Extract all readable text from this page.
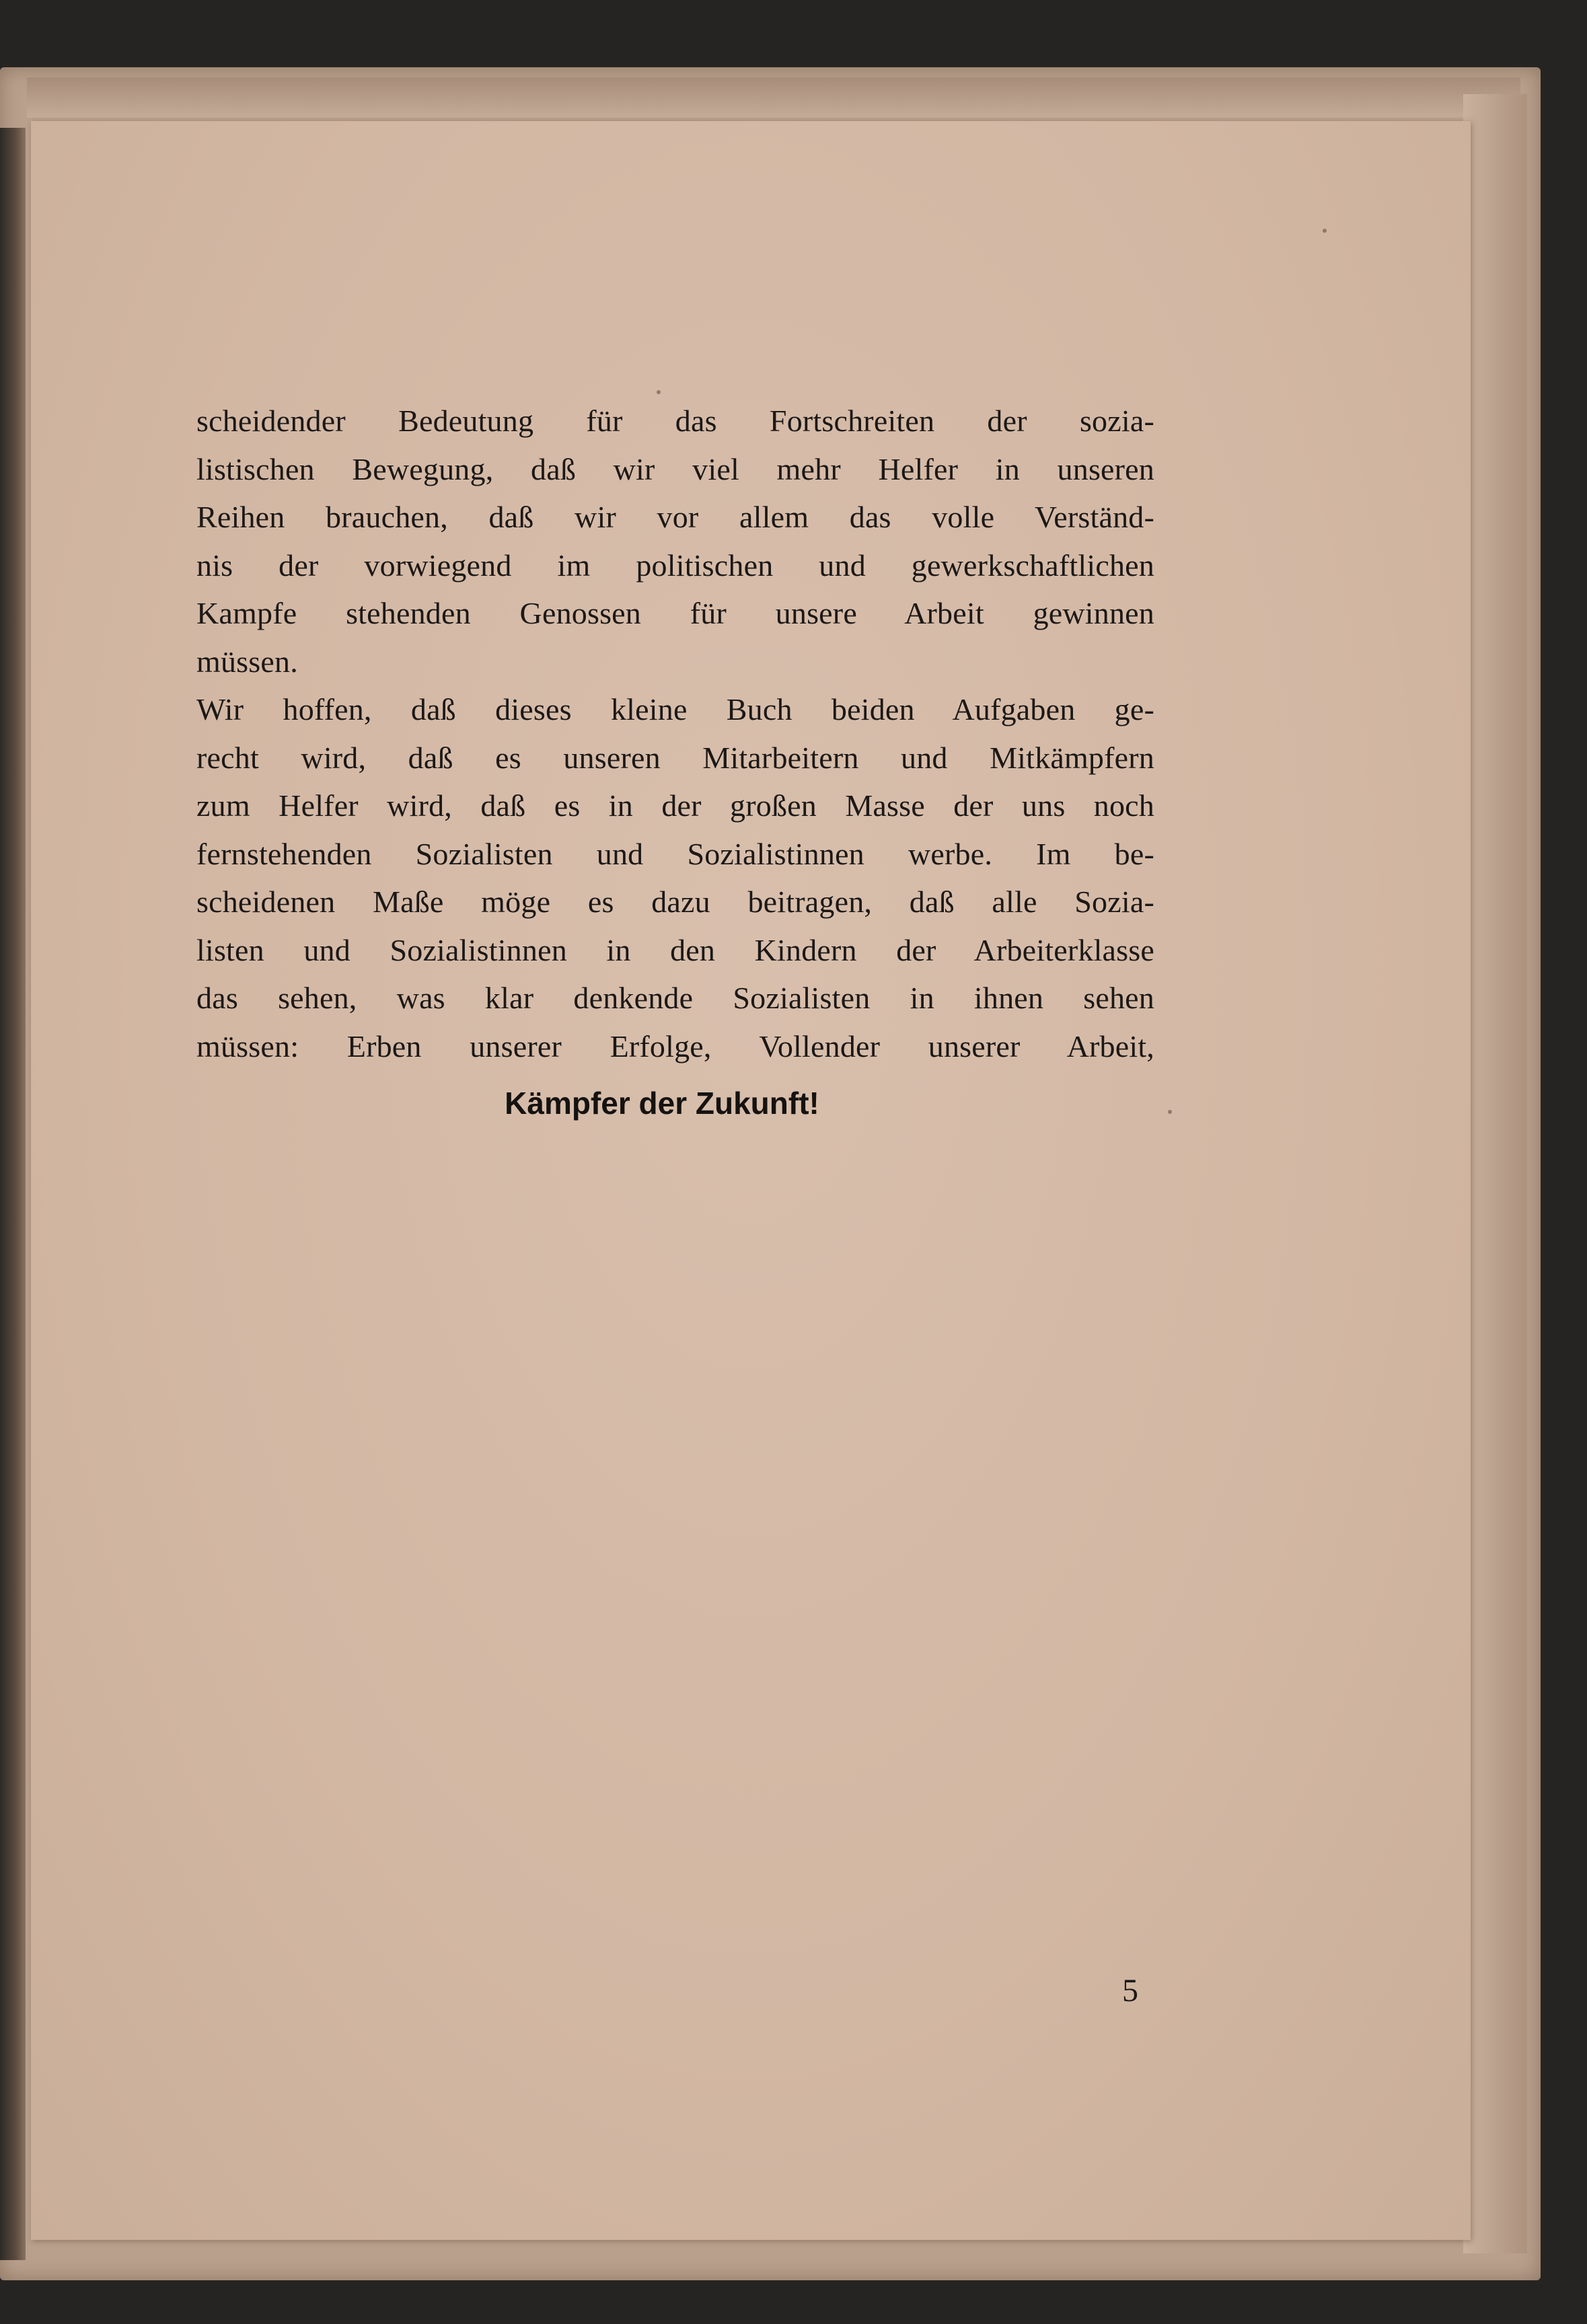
scheidender Bedeutung für das Fortschreiten der sozia-
listischen Bewegung, daß wir viel mehr Helfer in unseren
Reihen brauchen, daß wir vor allem das volle Verständ-
nis der vorwiegend im politischen und gewerkschaftlichen
Kampfe stehenden Genossen für unsere Arbeit gewinnen
müssen.

Wir hoffen, daß dieses kleine Buch beiden Aufgaben ge-
recht wird, daß es unseren Mitarbeitern und Mitkämpfern
zum Helfer wird, daß es in der großen Masse der uns noch
fernstehenden Sozialisten und Sozialistinnen werbe. Im be-
scheidenen Maße möge es dazu beitragen, daß alle Sozia-
listen und Sozialistinnen in den Kindern der Arbeiterklasse
das sehen, was klar denkende Sozialisten in ihnen sehen
müssen: Erben unserer Erfolge, Vollender unserer Arbeit,

Kämpfer der Zukunft!
5
